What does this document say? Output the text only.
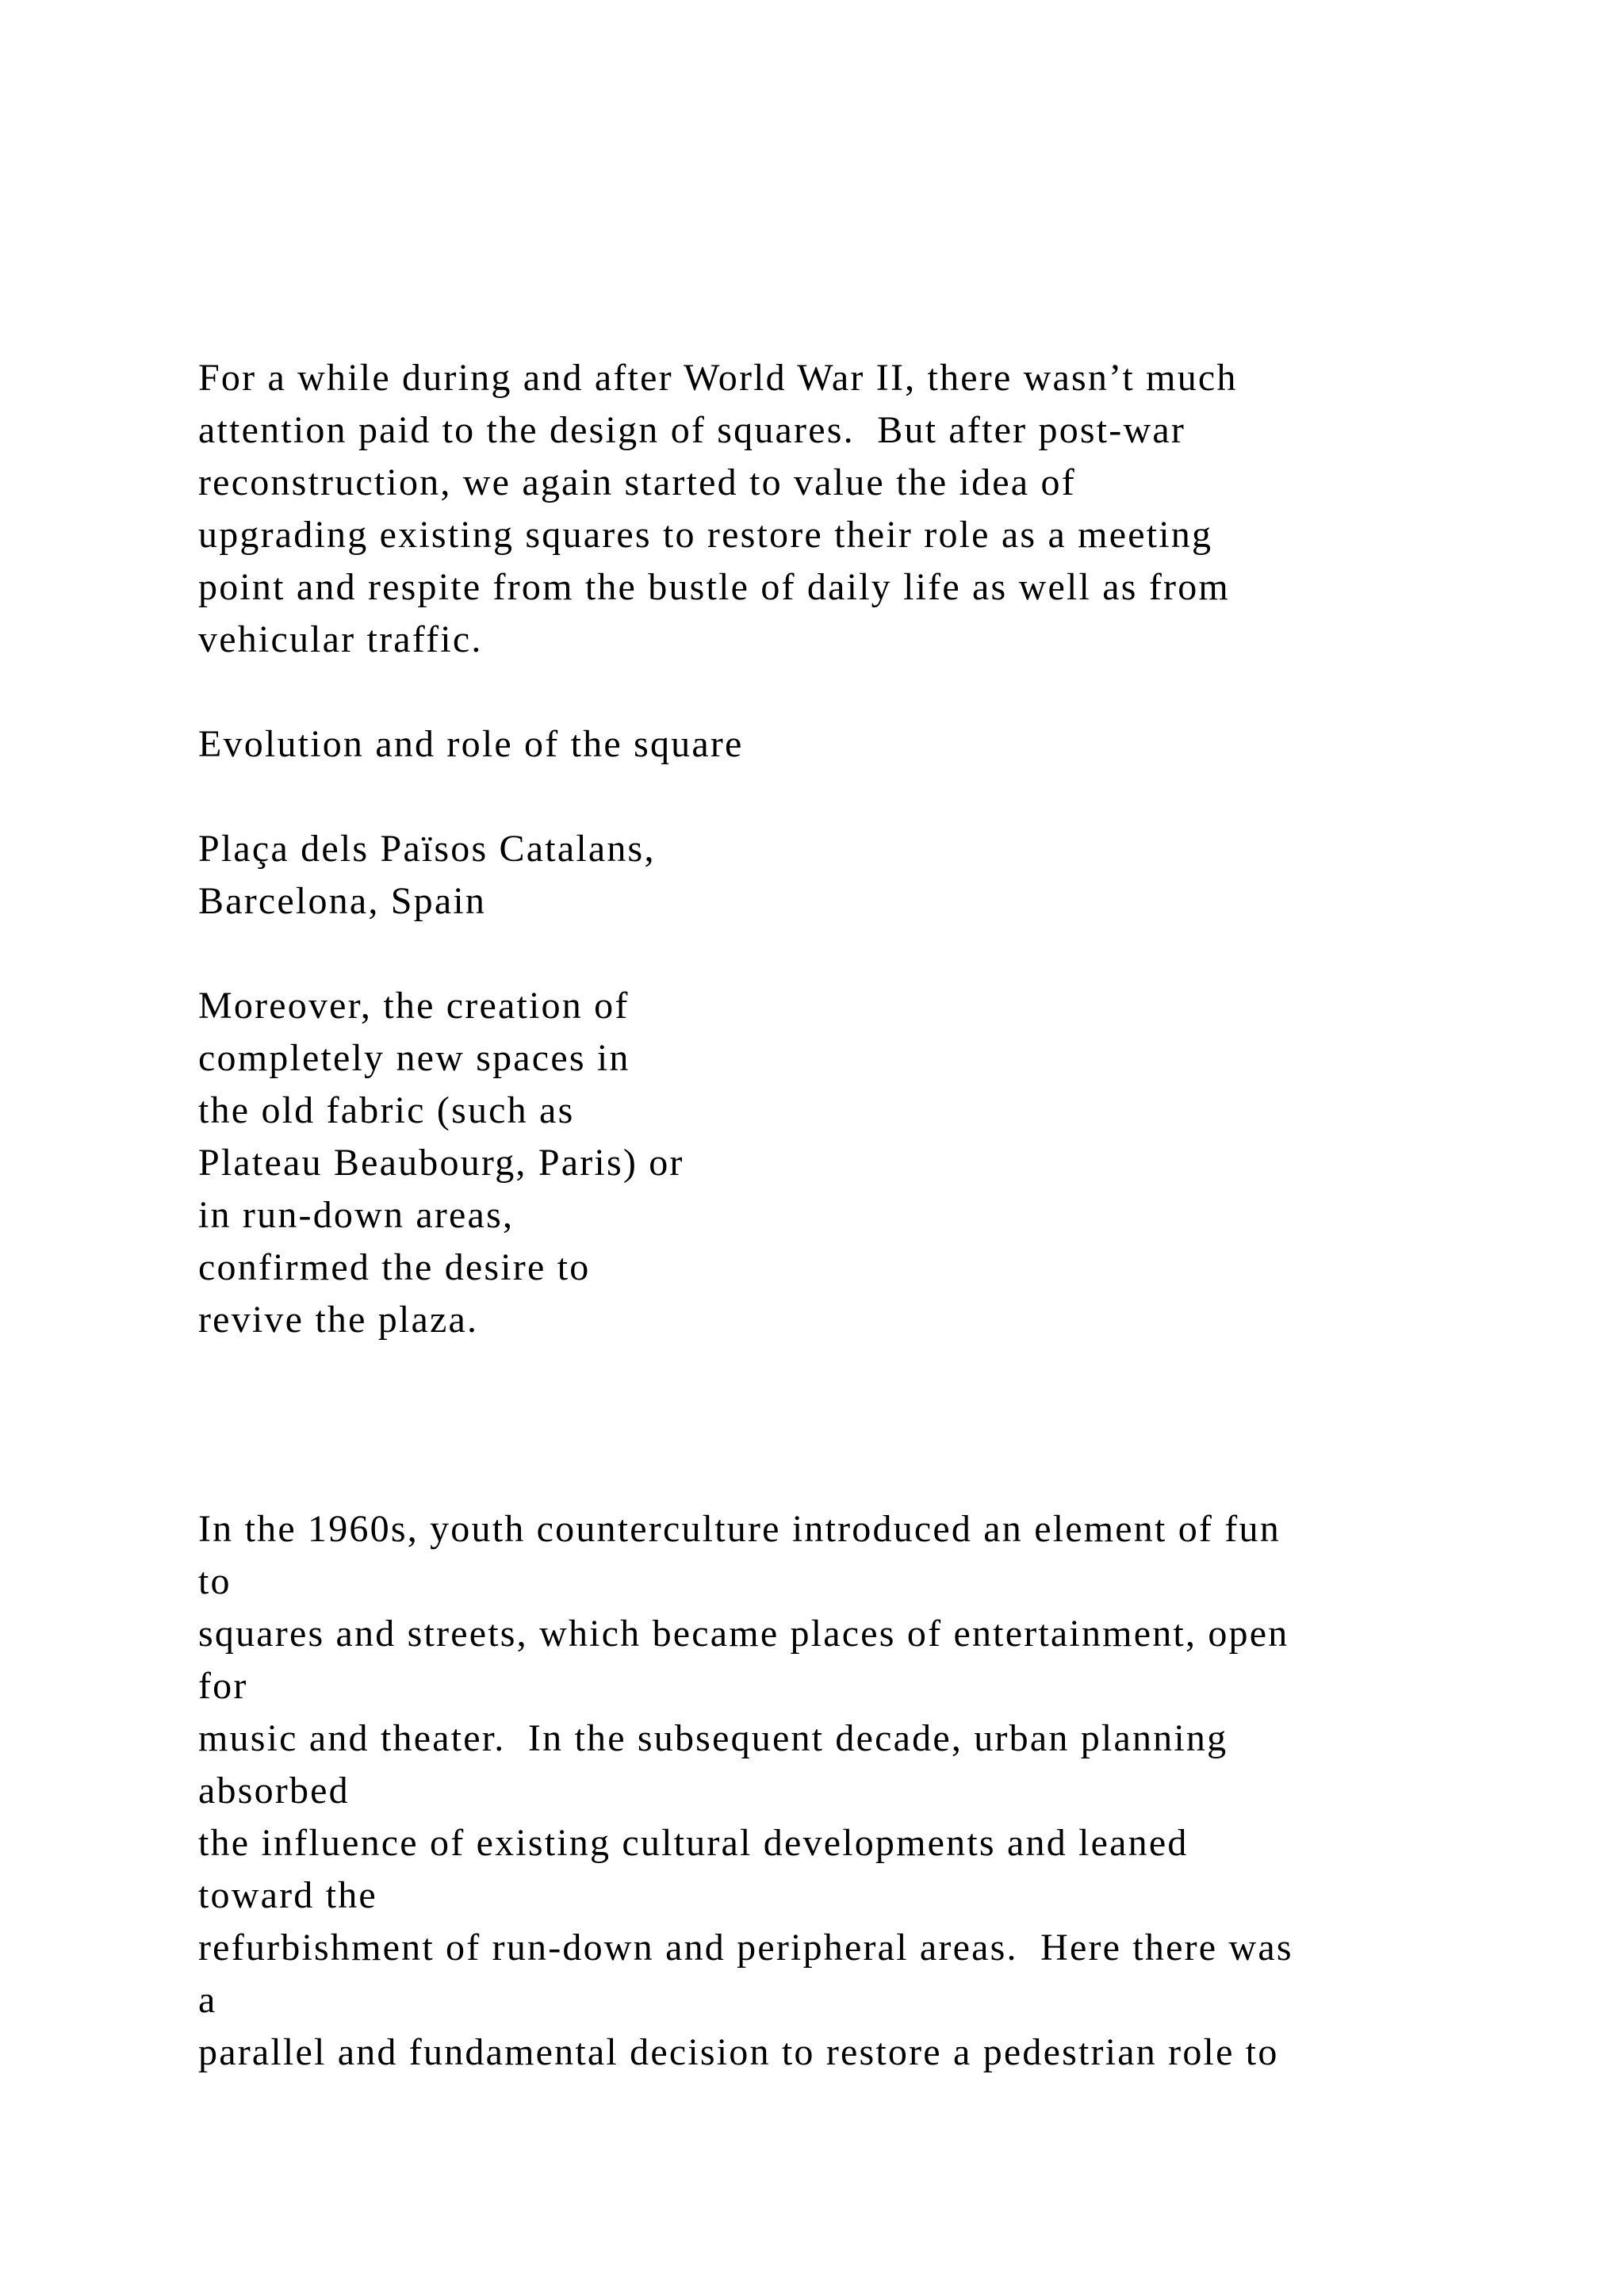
For a while during and after World War II, there wasn’t much

attention paid to the design of squares.  But after post-war

reconstruction, we again started to value the idea of

upgrading existing squares to restore their role as a meeting

point and respite from the bustle of daily life as well as from

vehicular traffic.

Evolution and role of the square

Plaça dels Països Catalans,

Barcelona, Spain

Moreover, the creation of

completely new spaces in

the old fabric (such as

Plateau Beaubourg, Paris) or

in run-down areas,

confirmed the desire to

revive the plaza.

In the 1960s, youth counterculture introduced an element of fun

to

squares and streets, which became places of entertainment, open

for

music and theater.  In the subsequent decade, urban planning

absorbed

the influence of existing cultural developments and leaned

toward the

refurbishment of run-down and peripheral areas.  Here there was

a

parallel and fundamental decision to restore a pedestrian role to
